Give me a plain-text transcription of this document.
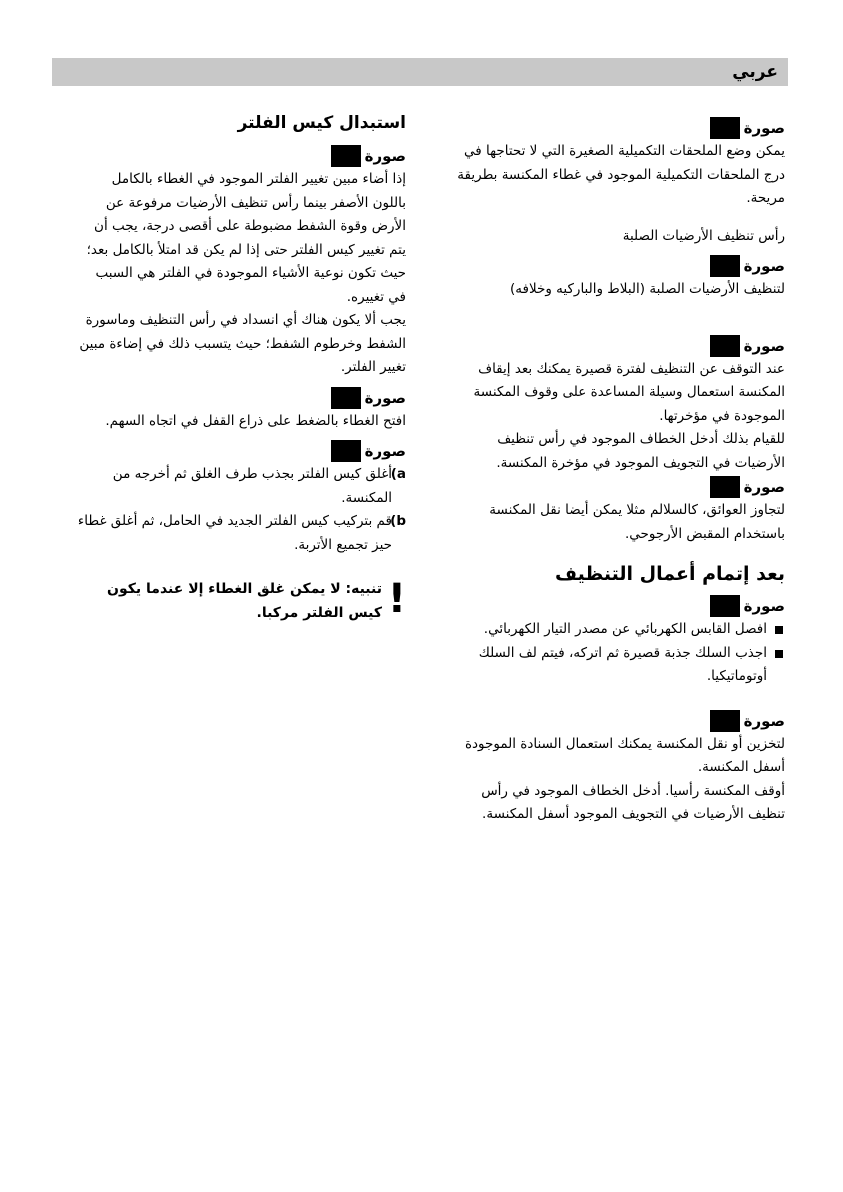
عربي
صورة

يمكن وضع الملحقات التكميلية الصغيرة التي لا تحتاجها في درج الملحقات التكميلية الموجود في غطاء المكنسة بطريقة مريحة.

رأس تنظيف الأرضيات الصلبة

صورة

لتنظيف الأرضيات الصلبة (البلاط والباركيه وخلافه)

صورة

عند التوقف عن التنظيف لفترة قصيرة يمكنك بعد إيقاف المكنسة استعمال وسيلة المساعدة على وقوف المكنسة الموجودة في مؤخرتها.

للقيام بذلك أدخل الخطاف الموجود في رأس تنظيف الأرضيات في التجويف الموجود في مؤخرة المكنسة.

صورة

لتجاوز العوائق، كالسلالم مثلا يمكن أيضا نقل المكنسة باستخدام المقبض الأرجوحي.

بعد إتمام أعمال التنظيف
صورة
افصل القابس الكهربائي عن مصدر التيار الكهربائي.
اجذب السلك جذبة قصيرة ثم اتركه، فيتم لف السلك أوتوماتيكيا.
صورة

لتخزين أو نقل المكنسة يمكنك استعمال السنادة الموجودة أسفل المكنسة.

أوقف المكنسة رأسيا. أدخل الخطاف الموجود في رأس تنظيف الأرضيات في التجويف الموجود أسفل المكنسة.

استبدال كيس الفلتر
صورة

إذا أضاء مبين تغيير الفلتر الموجود في الغطاء بالكامل باللون الأصفر بينما رأس تنظيف الأرضيات مرفوعة عن الأرض وقوة الشفط مضبوطة على أقصى درجة، يجب أن يتم تغيير كيس الفلتر حتى إذا لم يكن قد امتلأ بالكامل بعد؛ حيث تكون نوعية الأشياء الموجودة في الفلتر هي السبب في تغييره.

يجب ألا يكون هناك أي انسداد في رأس التنظيف وماسورة الشفط وخرطوم الشفط؛ حيث يتسبب ذلك في إضاءة مبين تغيير الفلتر.

صورة

افتح الغطاء بالضغط على ذراع القفل في اتجاه السهم.

صورة
a)
أغلق كيس الفلتر بجذب طرف الغلق ثم أخرجه من المكنسة.
b)
قم بتركيب كيس الفلتر الجديد في الحامل، ثم أغلق غطاء حيز تجميع الأتربة.
!
تنبيه: لا يمكن غلق الغطاء إلا عندما يكون كيس الفلتر مركبا.
